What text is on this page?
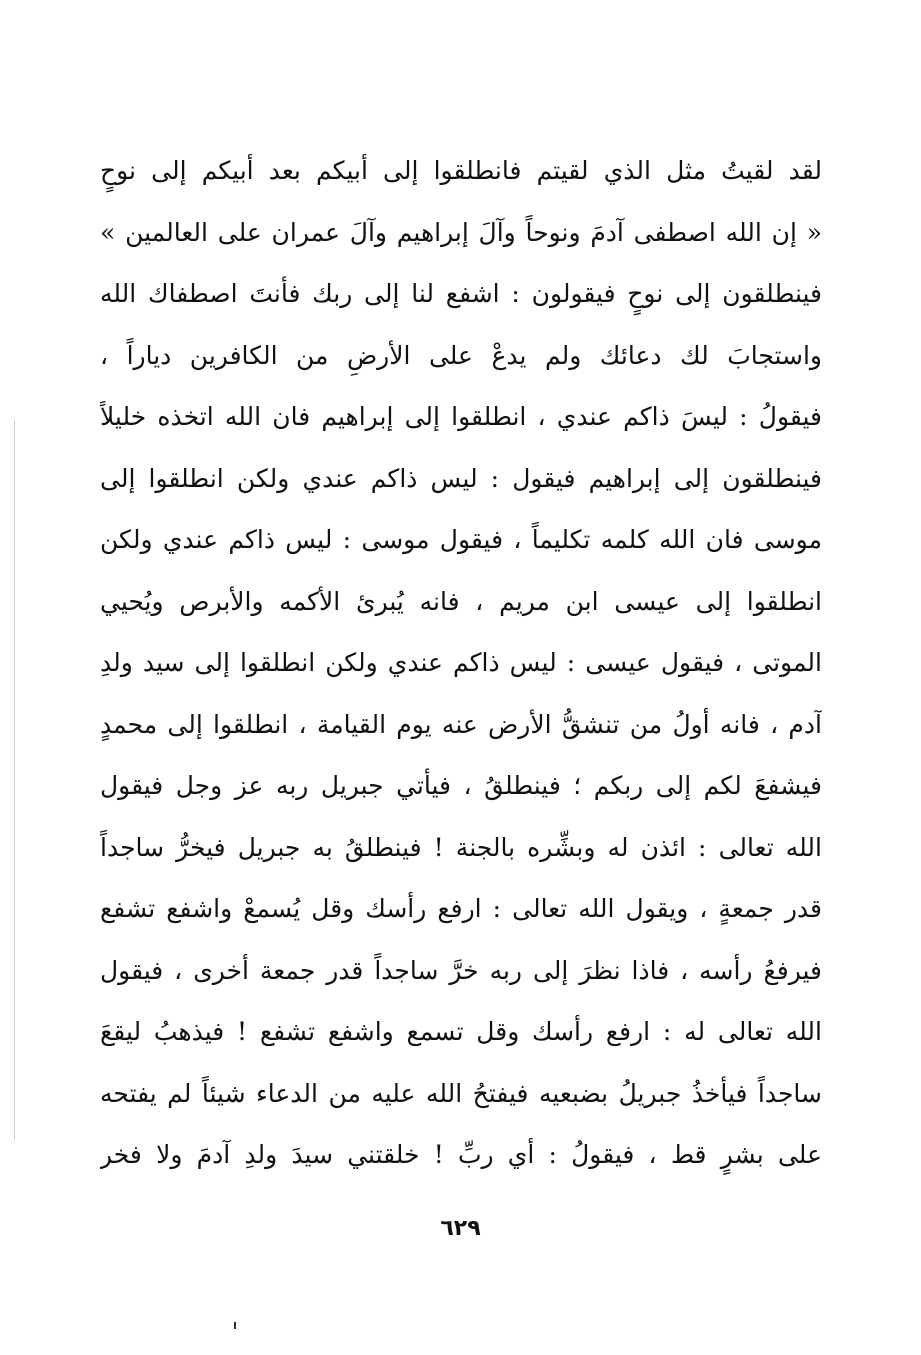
لقد لقيتُ مثل الذي لقيتم فانطلقوا إلى أبيكم بعد أبيكم إلى نوحٍ
« إن الله اصطفى آدمَ ونوحاً وآلَ إبراهيم وآلَ عمران على العالمين »
فينطلقون إلى نوحٍ فيقولون : اشفع لنا إلى ربك فأنتَ اصطفاك الله
واستجابَ لك دعائك ولم يدعْ على الأرضِ من الكافرين دياراً ،
فيقولُ : ليسَ ذاكم عندي ، انطلقوا إلى إبراهيم فان الله اتخذه خليلاً
فينطلقون إلى إبراهيم فيقول : ليس ذاكم عندي ولكن انطلقوا إلى
موسى فان الله كلمه تكليماً ، فيقول موسى : ليس ذاكم عندي ولكن
انطلقوا إلى عيسى ابن مريم ، فانه يُبرئ الأكمه والأبرص ويُحيي
الموتى ، فيقول عيسى : ليس ذاكم عندي ولكن انطلقوا إلى سيد ولدِ
آدم ، فانه أولُ من تنشقُّ الأرض عنه يوم القيامة ، انطلقوا إلى محمدٍ
فيشفعَ لكم إلى ربكم ؛ فينطلقُ ، فيأتي جبريل ربه عز وجل فيقول
الله تعالى : ائذن له وبشِّره بالجنة ! فينطلقُ به جبريل فيخرُّ ساجداً
قدر جمعةٍ ، ويقول الله تعالى : ارفع رأسك وقل يُسمعْ واشفع تشفع
فيرفعُ رأسه ، فاذا نظرَ إلى ربه خرَّ ساجداً قدر جمعة أخرى ، فيقول
الله تعالى له : ارفع رأسك وقل تسمع واشفع تشفع ! فيذهبُ ليقعَ
ساجداً فيأخذُ جبريلُ بضبعيه فيفتحُ الله عليه من الدعاء شيئاً لم يفتحه
على بشرٍ قط ، فيقولُ : أي ربِّ ! خلقتني سيدَ ولدِ آدمَ ولا فخر
٦٢٩
